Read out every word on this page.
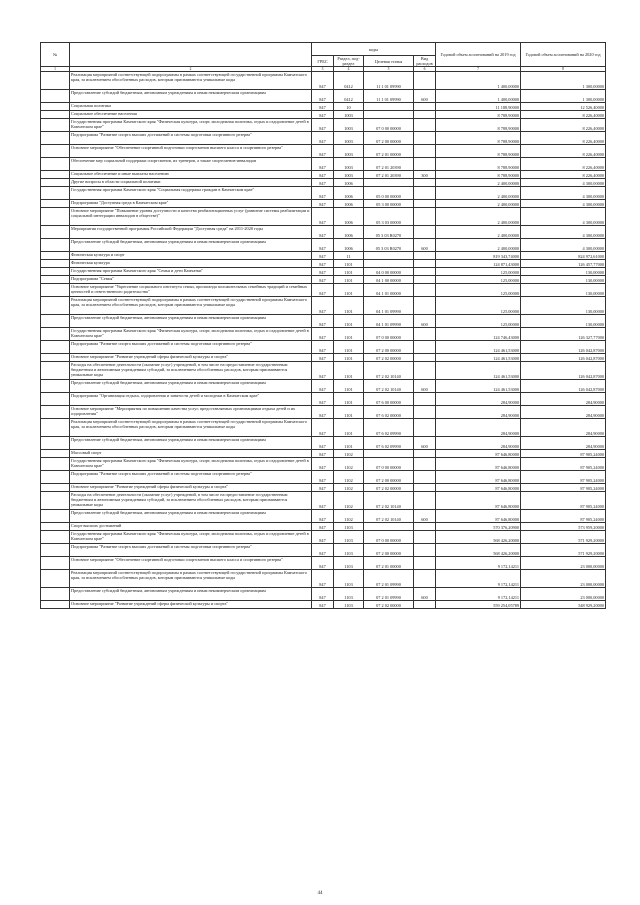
№		коды				Годовой объем ассигнований на 2019 год	Годовой объем ассигнований на 2020 год
		ГРБС	Раздел, под-раздел	Целевая статья	Вид расходов		
1	2	3	4	5	6	7	8
	Реализация мероприятий соответствующей подпрограммы в рамках соответствующей государственной программы Камчатского края, за исключением обособленных расходов, которым присваиваются уникальные коды	847	0412	11 1 01 09990		1 400,00000	1 300,00000
	Предоставление субсидий бюджетным, автономным учреждениям и иным некоммерческим организациям	847	0412	11 1 01 09990	600	1 400,00000	1 300,00000
	Социальная политика	847	10			11 188,90000	12 526,40000
	Социальное обеспечение населения	847	1003			8 788,90000	8 226,40000
	Государственная программа Камчатского края "Физическая культура, спорт, молодежная политика, отдых и оздоровление детей в Камчатском крае"	847	1003	07 0 00 00000		8 788,90000	8 226,40000
	Подпрограмма "Развитие спорта высших достижений и системы подготовки спортивного резерва"	847	1003	07 2 00 00000		8 788,90000	8 226,40000
	Основное мероприятие "Обеспечение спортивной подготовки спортсменов высшего класса и спортивного резерва"	847	1003	07 2 01 00000		8 788,90000	8 226,40000
	Обеспечение мер социальной поддержки спортсменов, их тренеров, а также спортсменов-инвалидов	847	1003	07 2 01 20390		8 788,90000	8 226,40000
	Социальное обеспечение и иные выплаты населению	847	1003	07 2 01 20390	300	8 788,90000	8 226,40000
	Другие вопросы в области социальной политики	847	1006			2 400,00000	4 300,00000
	Государственная программа Камчатского края "Социальная поддержка граждан в Камчатском крае"	847	1006	05 0 00 00000		2 400,00000	4 300,00000
	Подпрограмма "Доступная среда в Камчатском крае"	847	1006	05 3 00 00000		2 400,00000	4 300,00000
	Основное мероприятие "Повышение уровня доступности и качества реабилитационных услуг (развитие системы реабилитации и социальной интеграции инвалидов в обществе)"	847	1006	05 3 03 00000		2 400,00000	4 300,00000
	Мероприятия государственной программы Российской Федерации "Доступная среда" на 2011-2020 годы	847	1006	05 3 03 R0270		2 400,00000	4 300,00000
	Предоставление субсидий бюджетным, автономным учреждениям и иным некоммерческим организациям	847	1006	05 3 03 R0270	600	2 400,00000	4 300,00000
	Физическая культура и спорт	847	11			819 343,74000	824 972,61000
	Физическая культура	847	1101			124 871,43000	126 457,77000
	Государственная программа Камчатского края "Семья и дети Камчатки"	847	1101	04 0 00 00000		125,00000	130,00000
	Подпрограмма "Семья"	847	1101	04 1 00 00000		125,00000	130,00000
	Основное мероприятие "Укрепление социального института семьи, пропаганда положительных семейных традиций и семейных ценностей и ответственного родительства"	847	1101	04 1 01 00000		125,00000	130,00000
	Реализация мероприятий соответствующей подпрограммы в рамках соответствующей государственной программы Камчатского края, за исключением обособленных расходов, которым присваиваются уникальные коды	847	1101	04 1 01 09990		125,00000	130,00000
	Предоставление субсидий бюджетным, автономным учреждениям и иным некоммерческим организациям	847	1101	04 1 01 09990	600	125,00000	130,00000
	Государственная программа Камчатского края "Физическая культура, спорт, молодежная политика, отдых и оздоровление детей в Камчатском крае"	847	1101	07 0 00 00000		124 746,43000	126 327,77000
	Подпрограмма "Развитие спорта высших достижений и системы подготовки спортивного резерва"	847	1101	07 2 00 00000		124 461,53000	126 042,87000
	Основное мероприятие "Развитие учреждений сферы физической культуры и спорта"	847	1101	07 2 02 00000		124 461,53000	126 042,87000
	Расходы на обеспечение деятельности (оказание услуг) учреждений, в том числе на предоставление государственным бюджетным и автономным учреждениям субсидий, за исключением обособленных расходов, которым присваиваются уникальные коды	847	1101	07 2 02 10140		124 461,53000	126 042,87000
	Предоставление субсидий бюджетным, автономным учреждениям и иным некоммерческим организациям	847	1101	07 2 02 10140	600	124 461,53000	126 042,87000
	Подпрограмма "Организация отдыха, оздоровления и занятости детей и молодежи в Камчатском крае"	847	1101	07 6 00 00000		284,90000	284,90000
	Основное мероприятие "Мероприятия по повышению качества услуг, предоставляемых организациями отдыха детей и их оздоровления"	847	1101	07 6 02 00000		284,90000	284,90000
	Реализация мероприятий соответствующей подпрограммы в рамках соответствующей государственной программы Камчатского края, за исключением обособленных расходов, которым присваиваются уникальные коды	847	1101	07 6 02 09990		284,90000	284,90000
	Предоставление субсидий бюджетным, автономным учреждениям и иным некоммерческим организациям	847	1101	07 6 02 09990	600	284,90000	284,90000
	Массовый спорт	847	1102			87 646,80000	87 905,24000
	Государственная программа Камчатского края "Физическая культура, спорт, молодежная политика, отдых и оздоровление детей в Камчатском крае"	847	1102	07 0 00 00000		87 646,80000	87 905,24000
	Подпрограмма "Развитие спорта высших достижений и системы подготовки спортивного резерва"	847	1102	07 2 00 00000		87 646,80000	87 905,24000
	Основное мероприятие "Развитие учреждений сферы физической культуры и спорта"	847	1102	07 2 02 00000		87 646,80000	87 905,24000
	Расходы на обеспечение деятельности (оказание услуг) учреждений, в том числе на предоставление государственным бюджетным и автономным учреждениям субсидий, за исключением обособленных расходов, которым присваиваются уникальные коды	847	1102	07 2 02 10140		87 646,80000	87 905,24000
	Предоставление субсидий бюджетным, автономным учреждениям и иным некоммерческим организациям	847	1102	07 2 02 10140	600	87 646,80000	87 905,24000
	Спорт высших достижений	847	1103			570 376,20900	573 959,20000
	Государственная программа Камчатского края "Физическая культура, спорт, молодежная политика, отдых и оздоровление детей в Камчатском крае"	847	1103	07 0 00 00000		568 426,20000	571 929,20000
	Подпрограмма "Развитие спорта высших достижений и системы подготовки спортивного резерва"	847	1103	07 2 00 00000		568 426,20000	571 929,20000
	Основное мероприятие "Обеспечение спортивной подготовки спортсменов высшего класса и спортивного резерва"	847	1103	07 2 01 00000		9 172,14211	23 000,00000
	Реализация мероприятий соответствующей подпрограммы в рамках соответствующей государственной программы Камчатского края, за исключением обособленных расходов, которым присваиваются уникальные коды	847	1103	07 2 01 09990		9 172,14211	23 000,00000
	Предоставление субсидий бюджетным, автономным учреждениям и иным некоммерческим организациям	847	1103	07 2 01 09990	600	9 172,14211	23 000,00000
	Основное мероприятие "Развитие учреждений сферы физической культуры и спорта"	847	1103	07 2 02 00000		559 254,05789	548 929,20000
44
